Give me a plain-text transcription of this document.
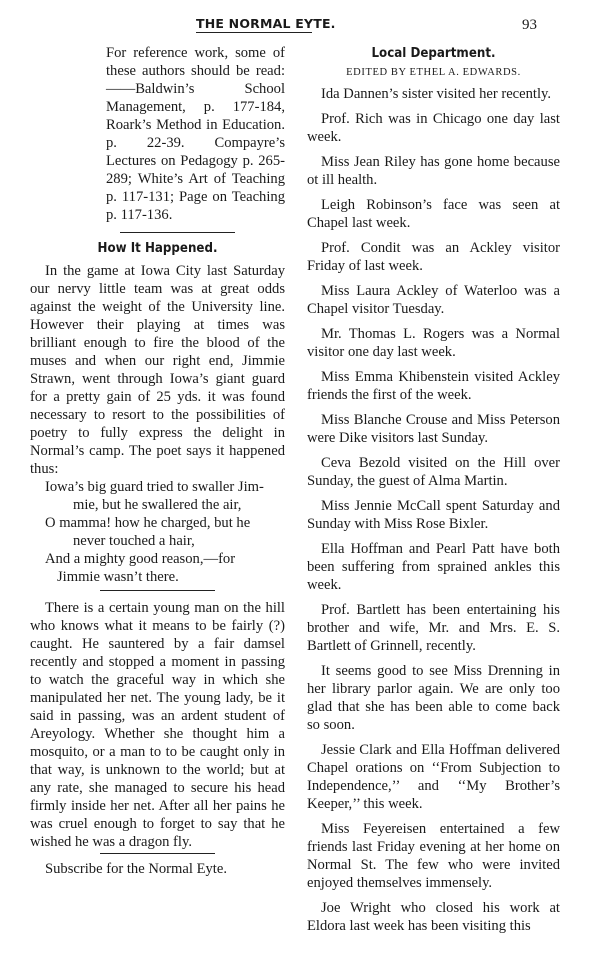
THE NORMAL EYTE.	93

For reference work, some of these authors should be read:——Baldwin’s School Management, p. 177-184, Roark’s Method in Education. p. 22-39. Compayre’s Lectures on Pedagogy p. 265-289; White’s Art of Teaching p. 117-131; Page on Teaching p. 117-136.

How It Happened.

In the game at Iowa City last Saturday our nervy little team was at great odds against the weight of the University line. However their playing at times was brilliant enough to fire the blood of the muses and when our right end, Jimmie Strawn, went through Iowa’s giant guard for a pretty gain of 25 yds. it was found necessary to resort to the possibilities of poetry to fully express the delight in Normal’s camp. The poet says it happened thus:

Iowa’s big guard tried to swaller Jim-
mie, but he swallered the air,
O mamma! how he charged, but he
never touched a hair,
And a mighty good reason,—for
Jimmie wasn’t there.

There is a certain young man on the hill who knows what it means to be fairly (?) caught. He sauntered by a fair damsel recently and stopped a moment in passing to watch the graceful way in which she manipulated her net. The young lady, be it said in passing, was an ardent student of Areyology. Whether she thought him a mosquito, or a man to to be caught only in that way, is unknown to the world; but at any rate, she managed to secure his head firmly inside her net. After all her pains he was cruel enough to forget to say that he wished he was a dragon fly.

Subscribe for the Normal Eyte.

Local Department.
EDITED BY ETHEL A. EDWARDS.

Ida Dannen’s sister visited her recently.

Prof. Rich was in Chicago one day last week.

Miss Jean Riley has gone home because ot ill health.

Leigh Robinson’s face was seen at Chapel last week.

Prof. Condit was an Ackley visitor Friday of last week.

Miss Laura Ackley of Waterloo was a Chapel visitor Tuesday.

Mr. Thomas L. Rogers was a Normal visitor one day last week.

Miss Emma Khibenstein visited Ackley friends the first of the week.

Miss Blanche Crouse and Miss Peterson were Dike visitors last Sunday.

Ceva Bezold visited on the Hill over Sunday, the guest of Alma Martin.

Miss Jennie McCall spent Saturday and Sunday with Miss Rose Bixler.

Ella Hoffman and Pearl Patt have both been suffering from sprained ankles this week.

Prof. Bartlett has been entertaining his brother and wife, Mr. and Mrs. E. S. Bartlett of Grinnell, recently.

It seems good to see Miss Drenning in her library parlor again. We are only too glad that she has been able to come back so soon.

Jessie Clark and Ella Hoffman delivered Chapel orations on ‘‘From Subjection to Independence,’’ and ‘‘My Brother’s Keeper,’’ this week.

Miss Feyereisen entertained a few friends last Friday evening at her home on Normal St. The few who were invited enjoyed themselves immensely.

Joe Wright who closed his work at Eldora last week has been visiting this
